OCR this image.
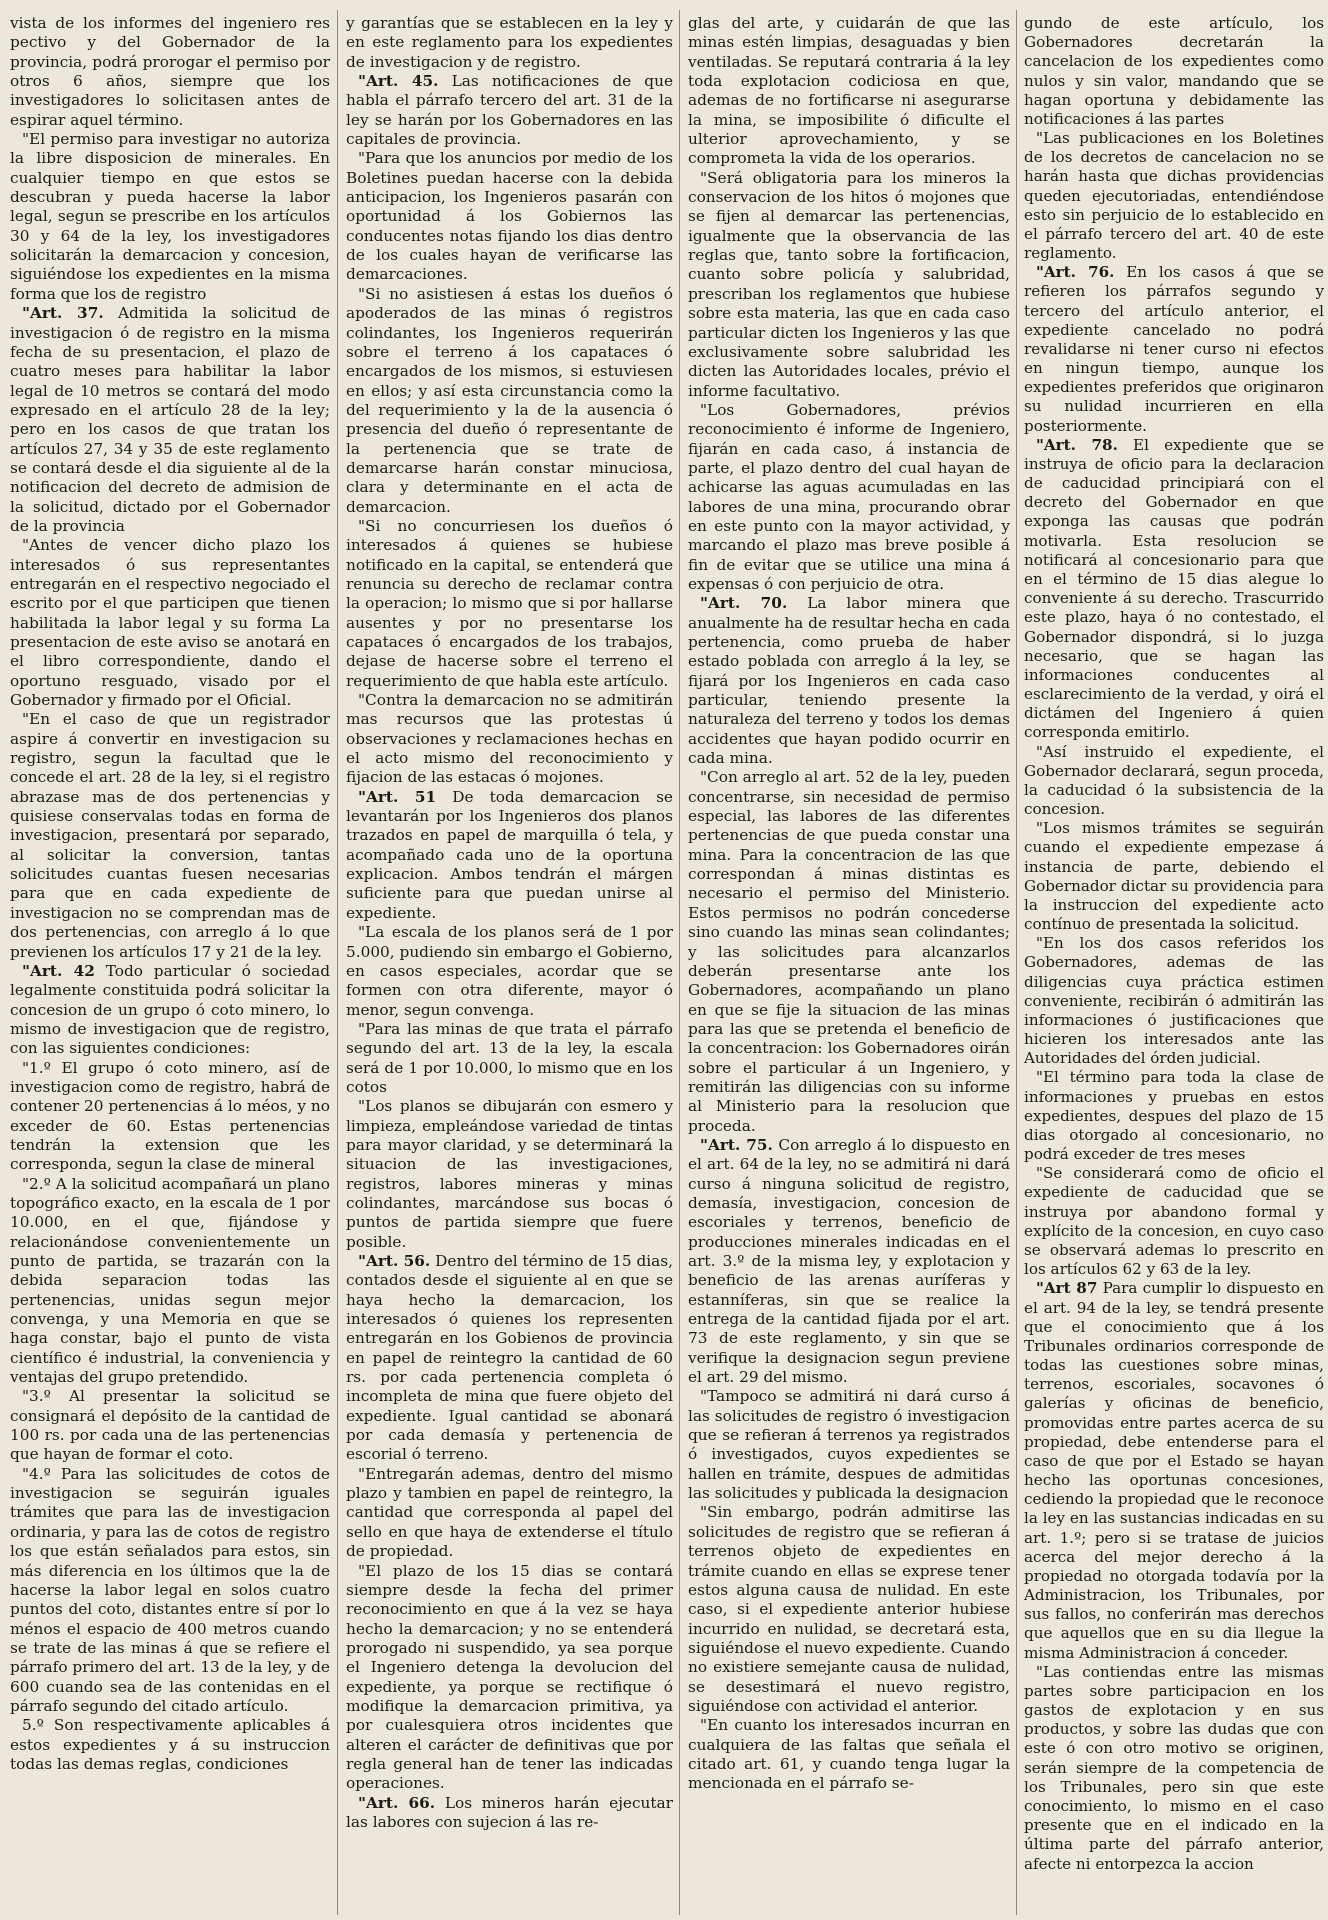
vista de los informes del ingeniero res pectivo y del Gobernador de la provincia, podrá prorogar el permiso por otros 6 años, siempre que los investigadores lo solicitasen antes de espirar aquel término.

"El permiso para investigar no autoriza la libre disposicion de minerales. En cualquier tiempo en que estos se descubran y pueda hacerse la labor legal, segun se prescribe en los artículos 30 y 64 de la ley, los investigadores solicitarán la demarcacion y concesion, siguiéndose los expedientes en la misma forma que los de registro

"Art. 37. Admitida la solicitud de investigacion ó de registro en la misma fecha de su presentacion, el plazo de cuatro meses para habilitar la labor legal de 10 metros se contará del modo expresado en el artículo 28 de la ley; pero en los casos de que tratan los artículos 27, 34 y 35 de este reglamento se contará desde el dia siguiente al de la notificacion del decreto de admision de la solicitud, dictado por el Gobernador de la provincia

"Antes de vencer dicho plazo los interesados ó sus representantes entregarán en el respectivo negociado el escrito por el que participen que tienen habilitada la labor legal y su forma La presentacion de este aviso se anotará en el libro correspondiente, dando el oportuno resguado, visado por el Gobernador y firmado por el Oficial.

"En el caso de que un registrador aspire á convertir en investigacion su registro, segun la facultad que le concede el art. 28 de la ley, si el registro abrazase mas de dos pertenencias y quisiese conservalas todas en forma de investigacion, presentará por separado, al solicitar la conversion, tantas solicitudes cuantas fuesen necesarias para que en cada expediente de investigacion no se comprendan mas de dos pertenencias, con arreglo á lo que previenen los artículos 17 y 21 de la ley.

"Art. 42 Todo particular ó sociedad legalmente constituida podrá solicitar la concesion de un grupo ó coto minero, lo mismo de investigacion que de registro, con las siguientes condiciones:

"1.º El grupo ó coto minero, así de investigacion como de registro, habrá de contener 20 pertenencias á lo méos, y no exceder de 60. Estas pertenencias tendrán la extension que les corresponda, segun la clase de mineral

"2.º A la solicitud acompañará un plano topográfico exacto, en la escala de 1 por 10.000, en el que, fijándose y relacionándose convenientemente un punto de partida, se trazarán con la debida separacion todas las pertenencias, unidas segun mejor convenga, y una Memoria en que se haga constar, bajo el punto de vista científico é industrial, la conveniencia y ventajas del grupo pretendido.

"3.º Al presentar la solicitud se consignará el depósito de la cantidad de 100 rs. por cada una de las pertenencias que hayan de formar el coto.

"4.º Para las solicitudes de cotos de investigacion se seguirán iguales trámites que para las de investigacion ordinaria, y para las de cotos de registro los que están señalados para estos, sin más diferencia en los últimos que la de hacerse la labor legal en solos cuatro puntos del coto, distantes entre sí por lo ménos el espacio de 400 metros cuando se trate de las minas á que se refiere el párrafo primero del art. 13 de la ley, y de 600 cuando sea de las contenidas en el párrafo segundo del citado artículo.

5.º Son respectivamente aplicables á estos expedientes y á su instruccion todas las demas reglas, condiciones

y garantías que se establecen en la ley y en este reglamento para los expedientes de investigacion y de registro.

"Art. 45. Las notificaciones de que habla el párrafo tercero del art. 31 de la ley se harán por los Gobernadores en las capitales de provincia.

"Para que los anuncios por medio de los Boletines puedan hacerse con la debida anticipacion, los Ingenieros pasarán con oportunidad á los Gobiernos las conducentes notas fijando los dias dentro de los cuales hayan de verificarse las demarcaciones.

"Si no asistiesen á estas los dueños ó apoderados de las minas ó registros colindantes, los Ingenieros requerirán sobre el terreno á los capataces ó encargados de los mismos, si estuviesen en ellos; y así esta circunstancia como la del requerimiento y la de la ausencia ó presencia del dueño ó representante de la pertenencia que se trate de demarcarse harán constar minuciosa, clara y determinante en el acta de demarcacion.

"Si no concurriesen los dueños ó interesados á quienes se hubiese notificado en la capital, se entenderá que renuncia su derecho de reclamar contra la operacion; lo mismo que si por hallarse ausentes y por no presentarse los capataces ó encargados de los trabajos, dejase de hacerse sobre el terreno el requerimiento de que habla este artículo.

"Contra la demarcacion no se admitirán mas recursos que las protestas ú observaciones y reclamaciones hechas en el acto mismo del reconocimiento y fijacion de las estacas ó mojones.

"Art. 51 De toda demarcacion se levantarán por los Ingenieros dos planos trazados en papel de marquilla ó tela, y acompañado cada uno de la oportuna explicacion. Ambos tendrán el márgen suficiente para que puedan unirse al expediente.

"La escala de los planos será de 1 por 5.000, pudiendo sin embargo el Gobierno, en casos especiales, acordar que se formen con otra diferente, mayor ó menor, segun convenga.

"Para las minas de que trata el párrafo segundo del art. 13 de la ley, la escala será de 1 por 10.000, lo mismo que en los cotos

"Los planos se dibujarán con esmero y limpieza, empleándose variedad de tintas para mayor claridad, y se determinará la situacion de las investigaciones, registros, labores mineras y minas colindantes, marcándose sus bocas ó puntos de partida siempre que fuere posible.

"Art. 56. Dentro del término de 15 dias, contados desde el siguiente al en que se haya hecho la demarcacion, los interesados ó quienes los representen entregarán en los Gobienos de provincia en papel de reintegro la cantidad de 60 rs. por cada pertenencia completa ó incompleta de mina que fuere objeto del expediente. Igual cantidad se abonará por cada demasía y pertenencia de escorial ó terreno.

"Entregarán ademas, dentro del mismo plazo y tambien en papel de reintegro, la cantidad que corresponda al papel del sello en que haya de extenderse el título de propiedad.

"El plazo de los 15 dias se contará siempre desde la fecha del primer reconocimiento en que á la vez se haya hecho la demarcacion; y no se entenderá prorogado ni suspendido, ya sea porque el Ingeniero detenga la devolucion del expediente, ya porque se rectifique ó modifique la demarcacion primitiva, ya por cualesquiera otros incidentes que alteren el carácter de definitivas que por regla general han de tener las indicadas operaciones.

"Art. 66. Los mineros harán ejecutar las labores con sujecion á las re-

glas del arte, y cuidarán de que las minas estén limpias, desaguadas y bien ventiladas. Se reputará contraria á la ley toda explotacion codiciosa en que, ademas de no fortificarse ni asegurarse la mina, se imposibilite ó dificulte el ulterior aprovechamiento, y se comprometa la vida de los operarios.

"Será obligatoria para los mineros la conservacion de los hitos ó mojones que se fijen al demarcar las pertenencias, igualmente que la observancia de las reglas que, tanto sobre la fortificacion, cuanto sobre policía y salubridad, prescriban los reglamentos que hubiese sobre esta materia, las que en cada caso particular dicten los Ingenieros y las que exclusivamente sobre salubridad les dicten las Autoridades locales, prévio el informe facultativo.

"Los Gobernadores, prévios reconocimiento é informe de Ingeniero, fijarán en cada caso, á instancia de parte, el plazo dentro del cual hayan de achicarse las aguas acumuladas en las labores de una mina, procurando obrar en este punto con la mayor actividad, y marcando el plazo mas breve posible á fin de evitar que se utilice una mina á expensas ó con perjuicio de otra.

"Art. 70. La labor minera que anualmente ha de resultar hecha en cada pertenencia, como prueba de haber estado poblada con arreglo á la ley, se fijará por los Ingenieros en cada caso particular, teniendo presente la naturaleza del terreno y todos los demas accidentes que hayan podido ocurrir en cada mina.

"Con arreglo al art. 52 de la ley, pueden concentrarse, sin necesidad de permiso especial, las labores de las diferentes pertenencias de que pueda constar una mina. Para la concentracion de las que correspondan á minas distintas es necesario el permiso del Ministerio. Estos permisos no podrán concederse sino cuando las minas sean colindantes; y las solicitudes para alcanzarlos deberán presentarse ante los Gobernadores, acompañando un plano en que se fije la situacion de las minas para las que se pretenda el beneficio de la concentracion: los Gobernadores oirán sobre el particular á un Ingeniero, y remitirán las diligencias con su informe al Ministerio para la resolucion que proceda.

"Art. 75. Con arreglo á lo dispuesto en el art. 64 de la ley, no se admitirá ni dará curso á ninguna solicitud de registro, demasía, investigacion, concesion de escoriales y terrenos, beneficio de producciones minerales indicadas en el art. 3.º de la misma ley, y explotacion y beneficio de las arenas auríferas y estanníferas, sin que se realice la entrega de la cantidad fijada por el art. 73 de este reglamento, y sin que se verifique la designacion segun previene el art. 29 del mismo.

"Tampoco se admitirá ni dará curso á las solicitudes de registro ó investigacion que se refieran á terrenos ya registrados ó investigados, cuyos expedientes se hallen en trámite, despues de admitidas las solicitudes y publicada la designacion

"Sin embargo, podrán admitirse las solicitudes de registro que se refieran á terrenos objeto de expedientes en trámite cuando en ellas se exprese tener estos alguna causa de nulidad. En este caso, si el expediente anterior hubiese incurrido en nulidad, se decretará esta, siguiéndose el nuevo expediente. Cuando no existiere semejante causa de nulidad, se desestimará el nuevo registro, siguiéndose con actividad el anterior.

"En cuanto los interesados incurran en cualquiera de las faltas que señala el citado art. 61, y cuando tenga lugar la mencionada en el párrafo se-

gundo de este artículo, los Gobernadores decretarán la cancelacion de los expedientes como nulos y sin valor, mandando que se hagan oportuna y debidamente las notificaciones á las partes

"Las publicaciones en los Boletines de los decretos de cancelacion no se harán hasta que dichas providencias queden ejecutoriadas, entendiéndose esto sin perjuicio de lo establecido en el párrafo tercero del art. 40 de este reglamento.

"Art. 76. En los casos á que se refieren los párrafos segundo y tercero del artículo anterior, el expediente cancelado no podrá revalidarse ni tener curso ni efectos en ningun tiempo, aunque los expedientes preferidos que originaron su nulidad incurrieren en ella posteriormente.

"Art. 78. El expediente que se instruya de oficio para la declaracion de caducidad principiará con el decreto del Gobernador en que exponga las causas que podrán motivarla. Esta resolucion se notificará al concesionario para que en el término de 15 dias alegue lo conveniente á su derecho. Trascurrido este plazo, haya ó no contestado, el Gobernador dispondrá, si lo juzga necesario, que se hagan las informaciones conducentes al esclarecimiento de la verdad, y oirá el dictámen del Ingeniero á quien corresponda emitirlo.

"Así instruido el expediente, el Gobernador declarará, segun proceda, la caducidad ó la subsistencia de la concesion.

"Los mismos trámites se seguirán cuando el expediente empezase á instancia de parte, debiendo el Gobernador dictar su providencia para la instruccion del expediente acto contínuo de presentada la solicitud.

"En los dos casos referidos los Gobernadores, ademas de las diligencias cuya práctica estimen conveniente, recibirán ó admitirán las informaciones ó justificaciones que hicieren los interesados ante las Autoridades del órden judicial.

"El término para toda la clase de informaciones y pruebas en estos expedientes, despues del plazo de 15 dias otorgado al concesionario, no podrá exceder de tres meses

"Se considerará como de oficio el expediente de caducidad que se instruya por abandono formal y explícito de la concesion, en cuyo caso se observará ademas lo prescrito en los artículos 62 y 63 de la ley.

"Art 87 Para cumplir lo dispuesto en el art. 94 de la ley, se tendrá presente que el conocimiento que á los Tribunales ordinarios corresponde de todas las cuestiones sobre minas, terrenos, escoriales, socavones ó galerías y oficinas de beneficio, promovidas entre partes acerca de su propiedad, debe entenderse para el caso de que por el Estado se hayan hecho las oportunas concesiones, cediendo la propiedad que le reconoce la ley en las sustancias indicadas en su art. 1.º; pero si se tratase de juicios acerca del mejor derecho á la propiedad no otorgada todavía por la Administracion, los Tribunales, por sus fallos, no conferirán mas derechos que aquellos que en su dia llegue la misma Administracion á conceder.

"Las contiendas entre las mismas partes sobre participacion en los gastos de explotacion y en sus productos, y sobre las dudas que con este ó con otro motivo se originen, serán siempre de la competencia de los Tribunales, pero sin que este conocimiento, lo mismo en el caso presente que en el indicado en la última parte del párrafo anterior, afecte ni entorpezca la accion
